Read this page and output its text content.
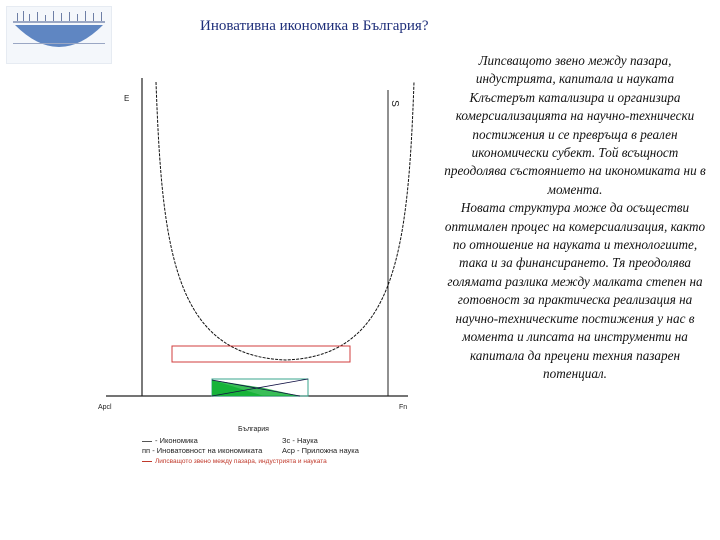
Иновативна икономика в България?
E
S
Apcl	Fn
България
- Икономика	Зс - Наука
пп - Иноватовност на икономиката	Аср - Приложна наука
Липсващото звено между пазара, индустрията и науката

Липсващото звено между пазара, индустрията, капитала и науката Клъстерът катализира и организира комерсиализацията на научно-технически постижения и се превръща в реален икономически субект. Той всъщност преодолява състоянието на икономиката ни в момента.

Новата структура може да осъществи оптимален процес на комерсиализация, както по отношение на науката и технологиите, така и за финансирането. Тя преодолява голямата разлика между малката степен на готовност за практическа реализация на научно-техническите постижения у нас в момента и липсата на инструменти на капитала да прецени техния пазарен потенциал.
